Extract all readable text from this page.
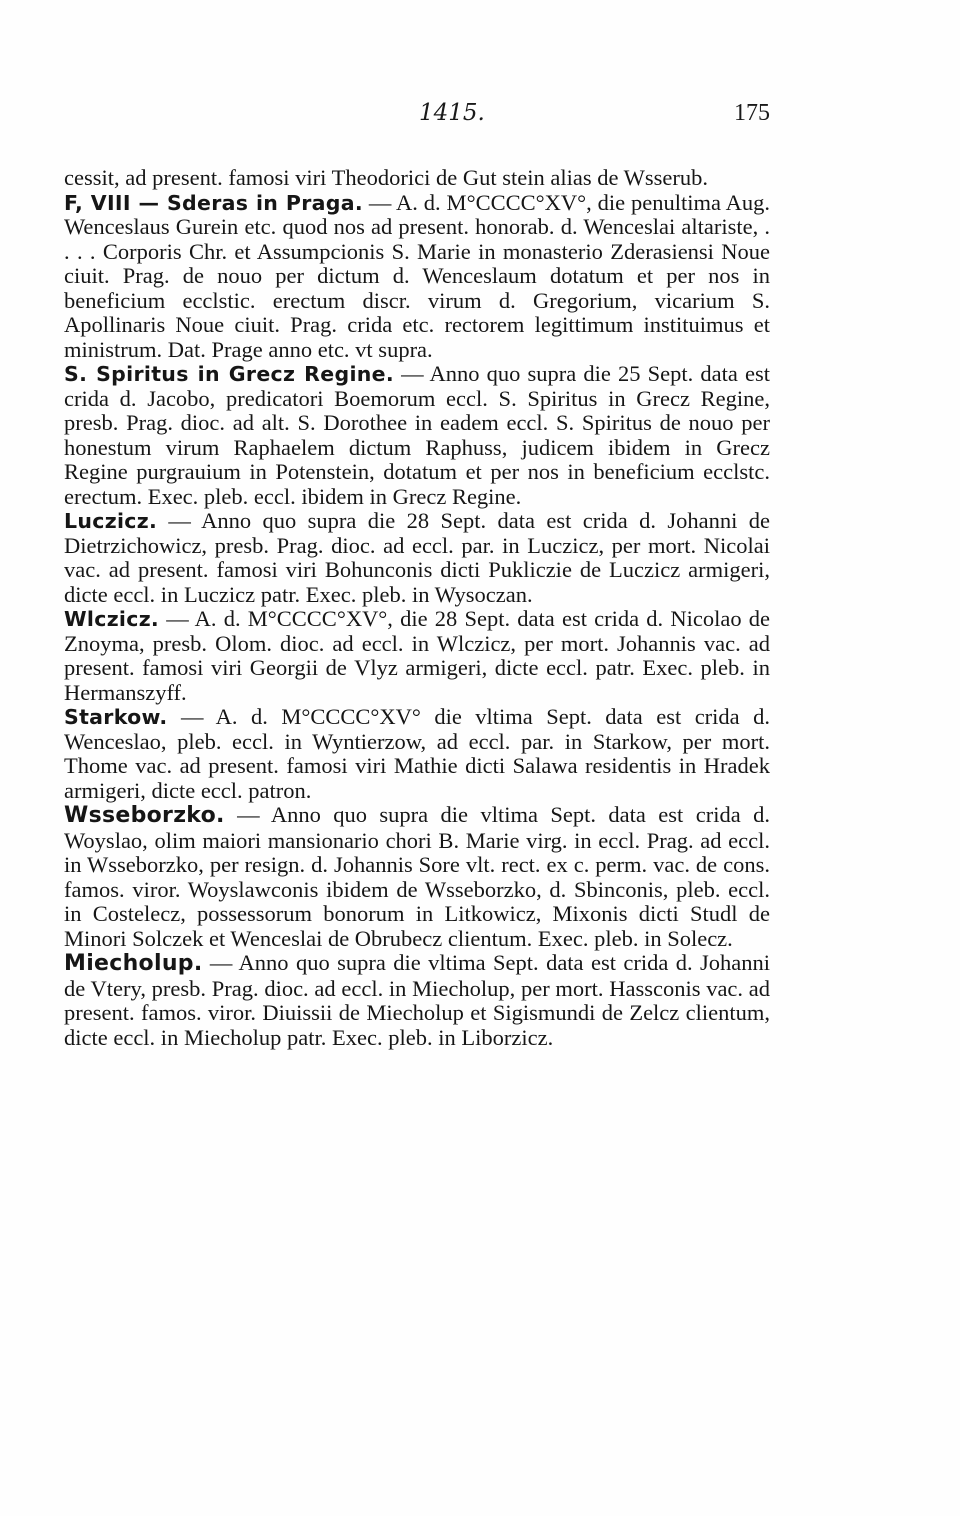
1415.	175

cessit, ad present. famosi viri Theodorici de Gut stein alias de Wsserub.

F, VIII — Sderas in Praga. — A. d. M°CCCC°XV°, die penultima Aug. Wenceslaus Gurein etc. quod nos ad present. honorab. d. Wenceslai altariste, . . . . Corporis Chr. et Assumpcionis S. Marie in monasterio Zderasiensi Noue ciuit. Prag. de nouo per dictum d. Wenceslaum dotatum et per nos in beneficium ecclstic. erectum discr. virum d. Gregorium, vicarium S. Apollinaris Noue ciuit. Prag. crida etc. rectorem legittimum instituimus et ministrum. Dat. Prage anno etc. vt supra.

S. Spiritus in Grecz Regine. — Anno quo supra die 25 Sept. data est crida d. Jacobo, predicatori Boemorum eccl. S. Spiritus in Grecz Regine, presb. Prag. dioc. ad alt. S. Dorothee in eadem eccl. S. Spiritus de nouo per honestum virum Raphaelem dictum Raphuss, judicem ibidem in Grecz Regine purgrauium in Potenstein, dotatum et per nos in beneficium ecclstc. erectum. Exec. pleb. eccl. ibidem in Grecz Regine.

Luczicz. — Anno quo supra die 28 Sept. data est crida d. Johanni de Dietrzichowicz, presb. Prag. dioc. ad eccl. par. in Luczicz, per mort. Nicolai vac. ad present. famosi viri Bohunconis dicti Pukliczie de Luczicz armigeri, dicte eccl. in Luczicz patr. Exec. pleb. in Wysoczan.

Wlczicz. — A. d. M°CCCC°XV°, die 28 Sept. data est crida d. Nicolao de Znoyma, presb. Olom. dioc. ad eccl. in Wlczicz, per mort. Johannis vac. ad present. famosi viri Georgii de Vlyz armigeri, dicte eccl. patr. Exec. pleb. in Hermanszyff.

Starkow. — A. d. M°CCCC°XV° die vltima Sept. data est crida d. Wenceslao, pleb. eccl. in Wyntierzow, ad eccl. par. in Starkow, per mort. Thome vac. ad present. famosi viri Mathie dicti Salawa residentis in Hradek armigeri, dicte eccl. patron.

Wsseborzko. — Anno quo supra die vltima Sept. data est crida d. Woyslao, olim maiori mansionario chori B. Marie virg. in eccl. Prag. ad eccl. in Wsseborzko, per resign. d. Johannis Sore vlt. rect. ex c. perm. vac. de cons. famos. viror. Woyslawconis ibidem de Wsseborzko, d. Sbinconis, pleb. eccl. in Costelecz, possessorum bonorum in Litkowicz, Mixonis dicti Studl de Minori Solczek et Wenceslai de Obrubecz clientum. Exec. pleb. in Solecz.

Miecholup. — Anno quo supra die vltima Sept. data est crida d. Johanni de Vtery, presb. Prag. dioc. ad eccl. in Miecholup, per mort. Hassconis vac. ad present. famos. viror. Diuissii de Miecholup et Sigismundi de Zelcz clientum, dicte eccl. in Miecholup patr. Exec. pleb. in Liborzicz.
